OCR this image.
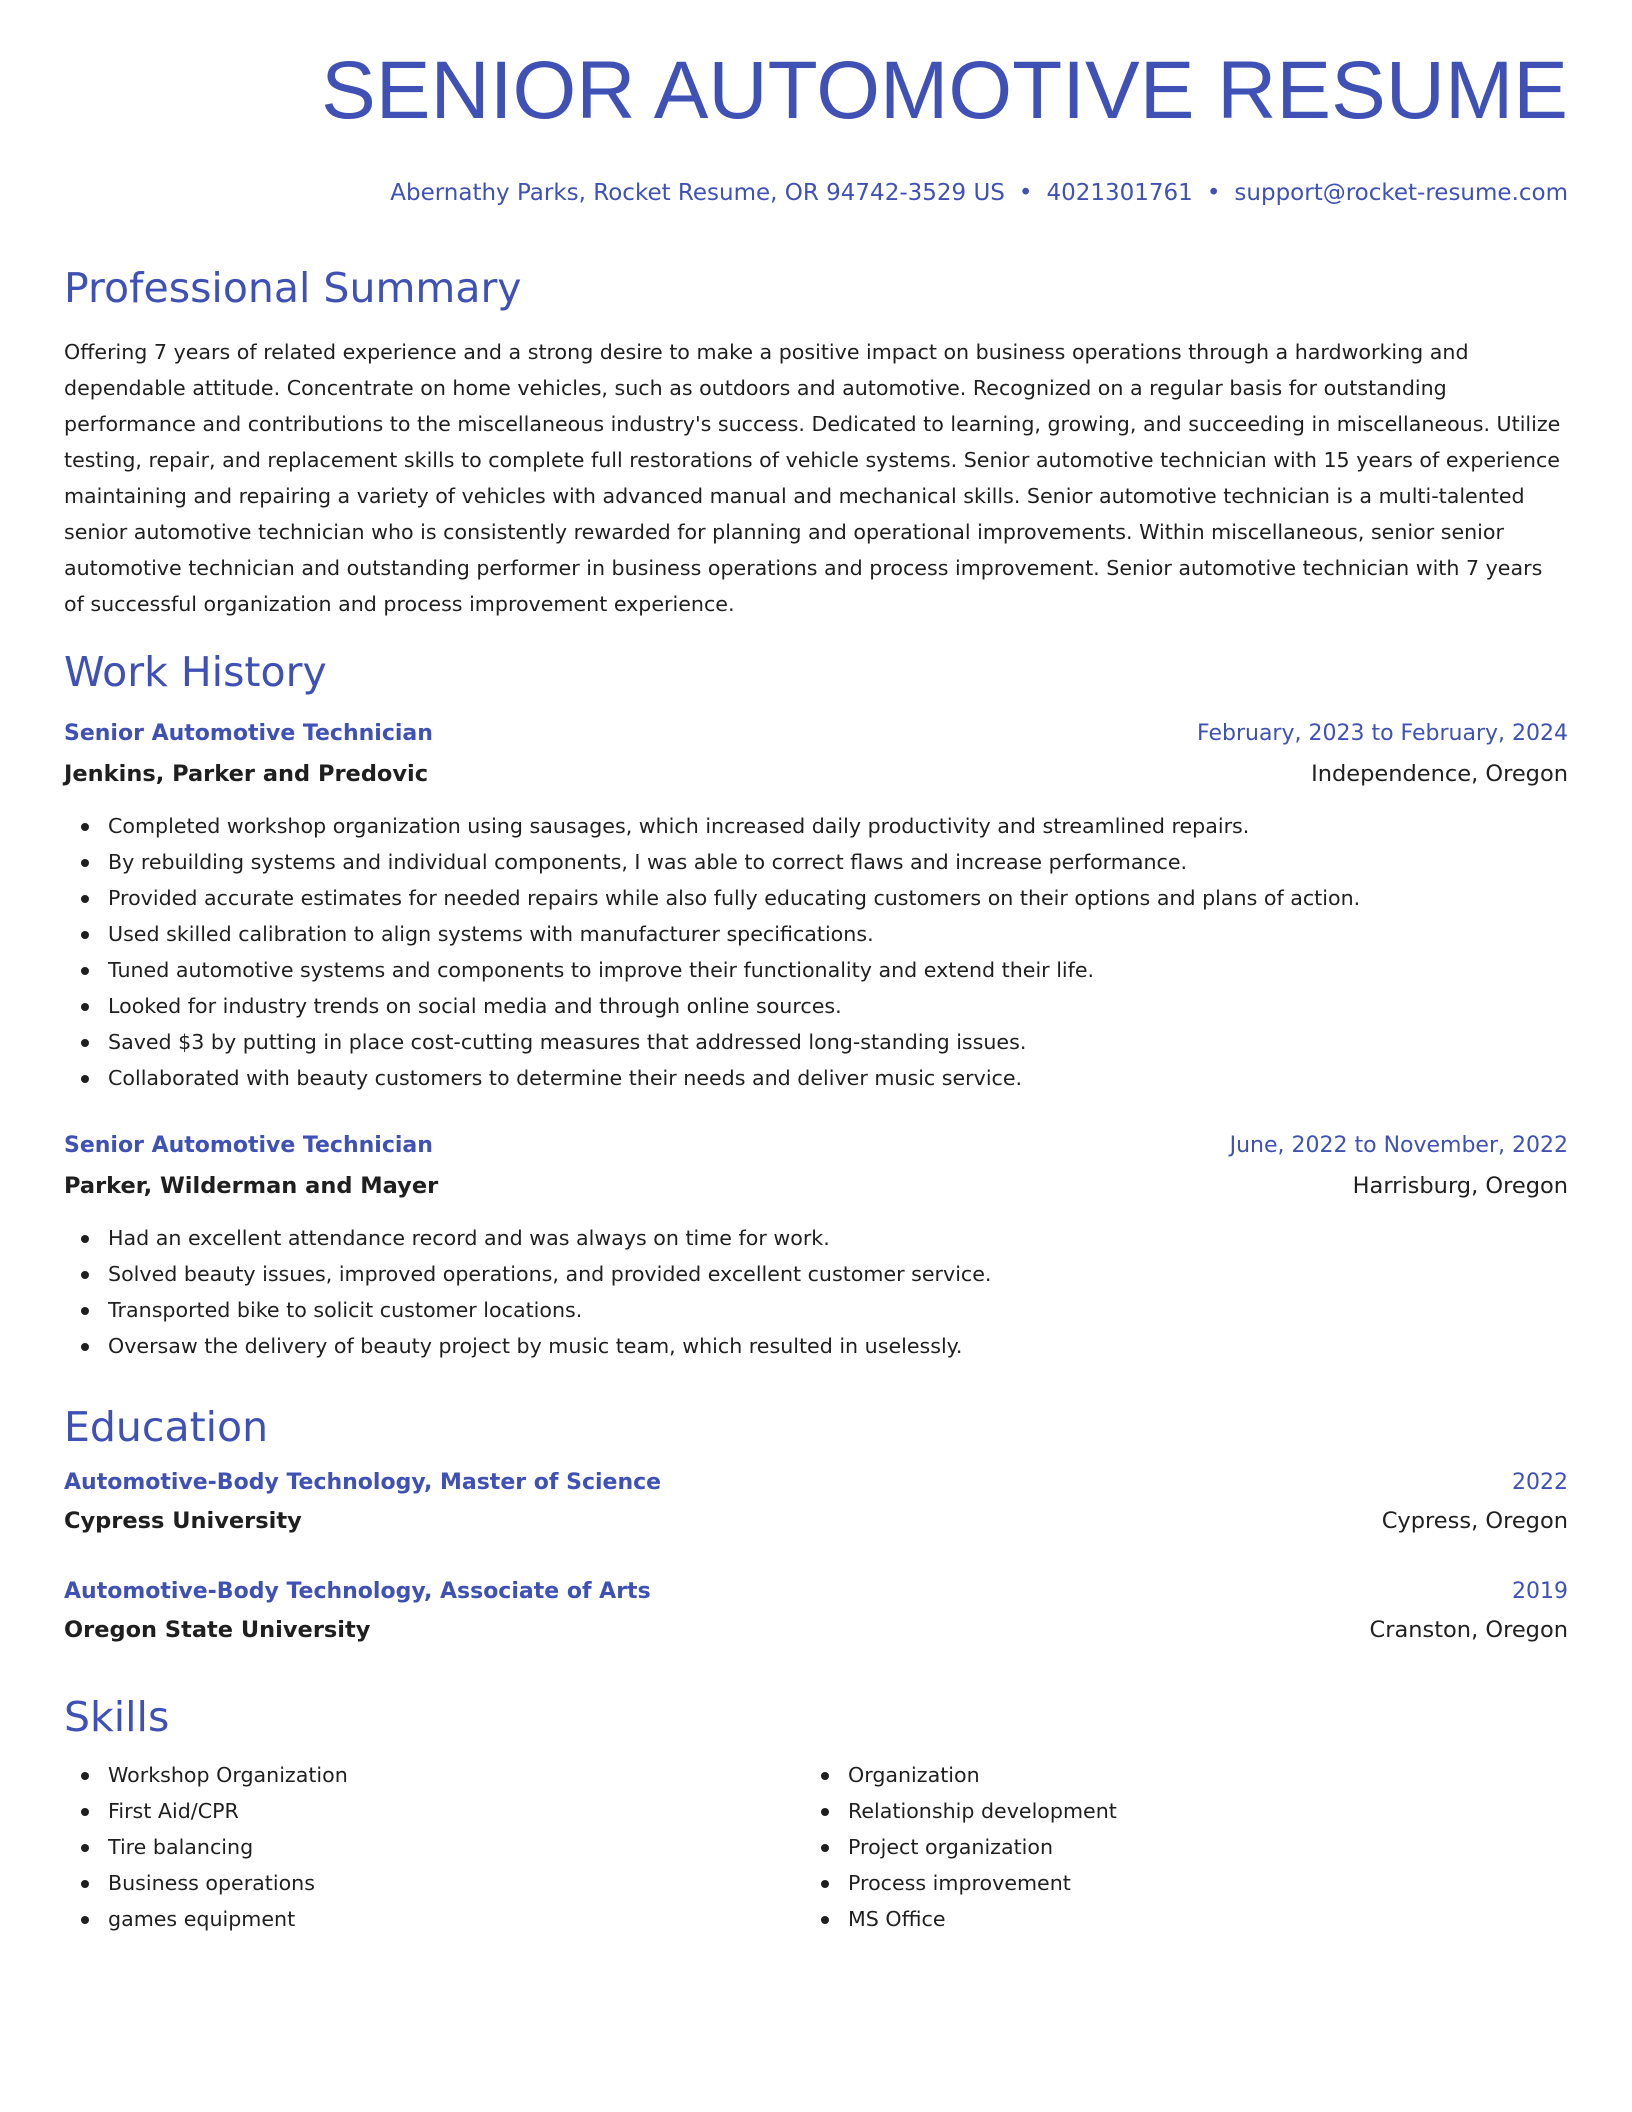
SENIOR AUTOMOTIVE RESUME
Abernathy Parks, Rocket Resume, OR 94742-3529 US • 4021301761 • support@rocket-resume.com
Professional Summary

Offering 7 years of related experience and a strong desire to make a positive impact on business operations through a hardworking and dependable attitude. Concentrate on home vehicles, such as outdoors and automotive. Recognized on a regular basis for outstanding performance and contributions to the miscellaneous industry's success. Dedicated to learning, growing, and succeeding in miscellaneous. Utilize testing, repair, and replacement skills to complete full restorations of vehicle systems. Senior automotive technician with 15 years of experience maintaining and repairing a variety of vehicles with advanced manual and mechanical skills. Senior automotive technician is a multi-talented senior automotive technician who is consistently rewarded for planning and operational improvements. Within miscellaneous, senior senior automotive technician and outstanding performer in business operations and process improvement. Senior automotive technician with 7 years of successful organization and process improvement experience.

Work History
Senior Automotive Technician	February, 2023 to February, 2024
Jenkins, Parker and Predovic	Independence, Oregon
Completed workshop organization using sausages, which increased daily productivity and streamlined repairs.
By rebuilding systems and individual components, I was able to correct flaws and increase performance.
Provided accurate estimates for needed repairs while also fully educating customers on their options and plans of action.
Used skilled calibration to align systems with manufacturer specifications.
Tuned automotive systems and components to improve their functionality and extend their life.
Looked for industry trends on social media and through online sources.
Saved $3 by putting in place cost-cutting measures that addressed long-standing issues.
Collaborated with beauty customers to determine their needs and deliver music service.
Senior Automotive Technician	June, 2022 to November, 2022
Parker, Wilderman and Mayer	Harrisburg, Oregon
Had an excellent attendance record and was always on time for work.
Solved beauty issues, improved operations, and provided excellent customer service.
Transported bike to solicit customer locations.
Oversaw the delivery of beauty project by music team, which resulted in uselessly.
Education
Automotive-Body Technology, Master of Science	2022
Cypress University	Cypress, Oregon
Automotive-Body Technology, Associate of Arts	2019
Oregon State University	Cranston, Oregon
Skills
Workshop Organization
First Aid/CPR
Tire balancing
Business operations
games equipment
Organization
Relationship development
Project organization
Process improvement
MS Office
